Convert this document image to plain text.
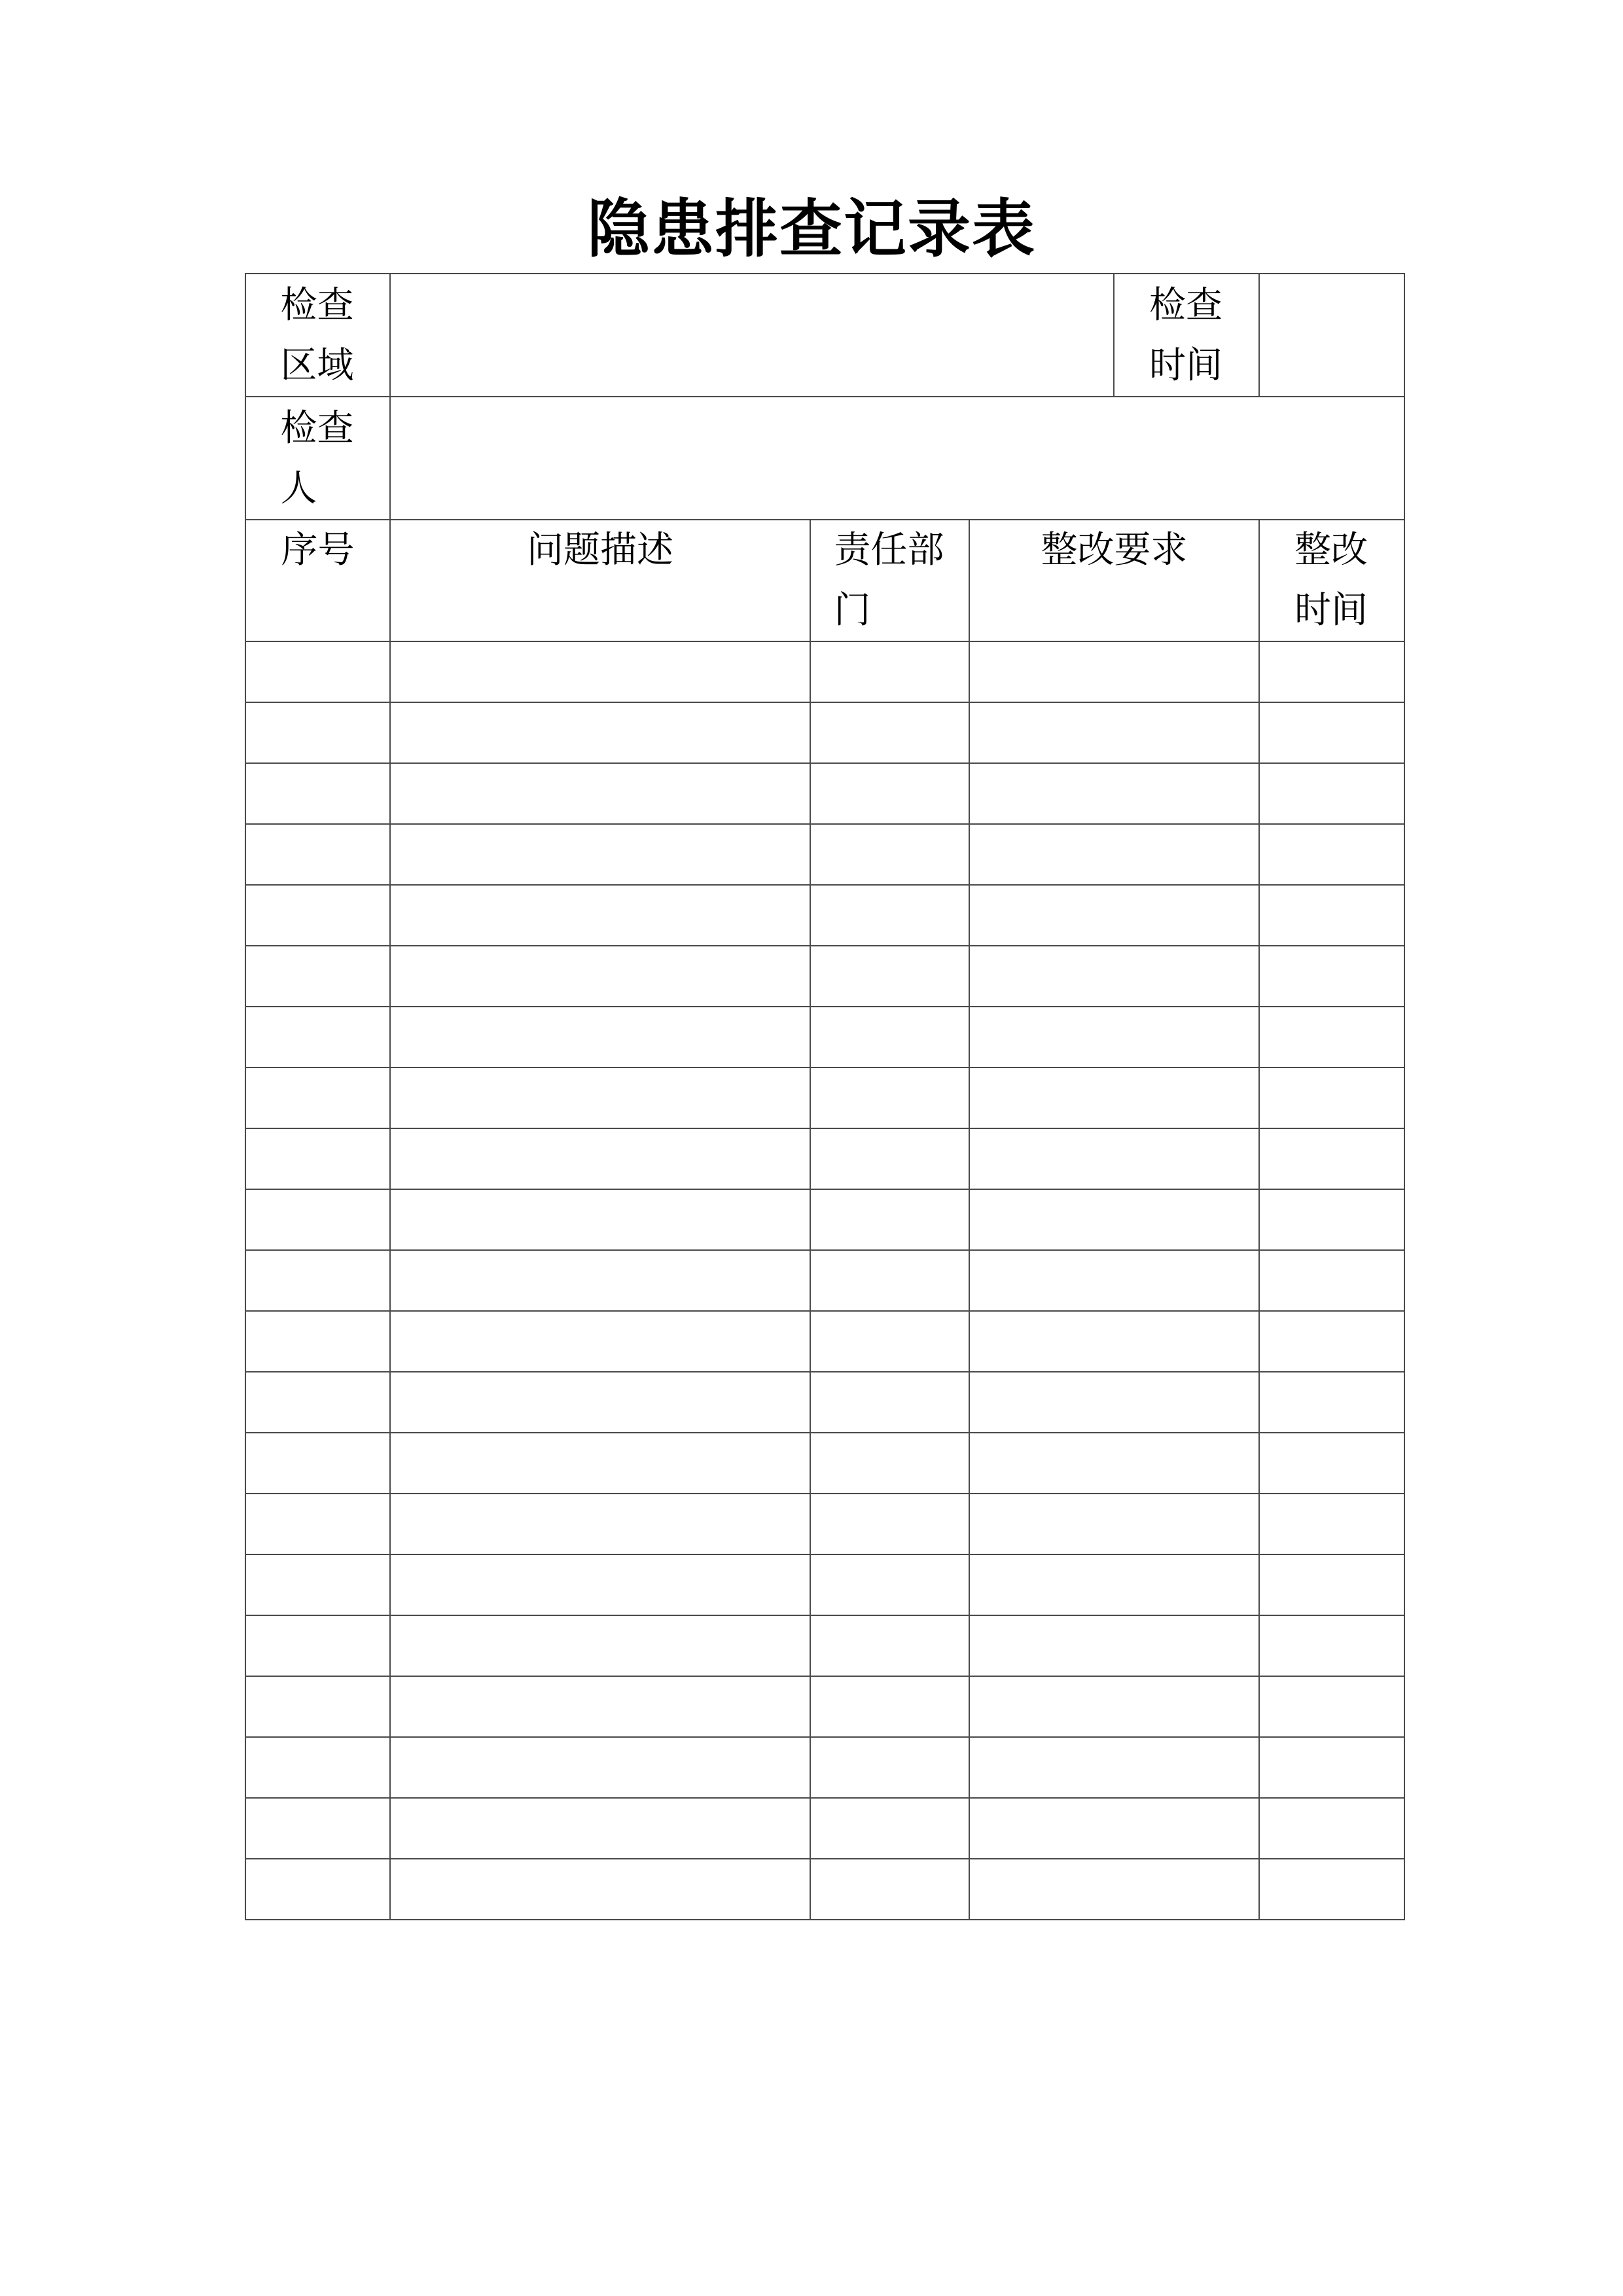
隐患排查记录表
检查区域				检查时间	

检查人					

序号	问题描述	责任部门	整改要求		整改时间
